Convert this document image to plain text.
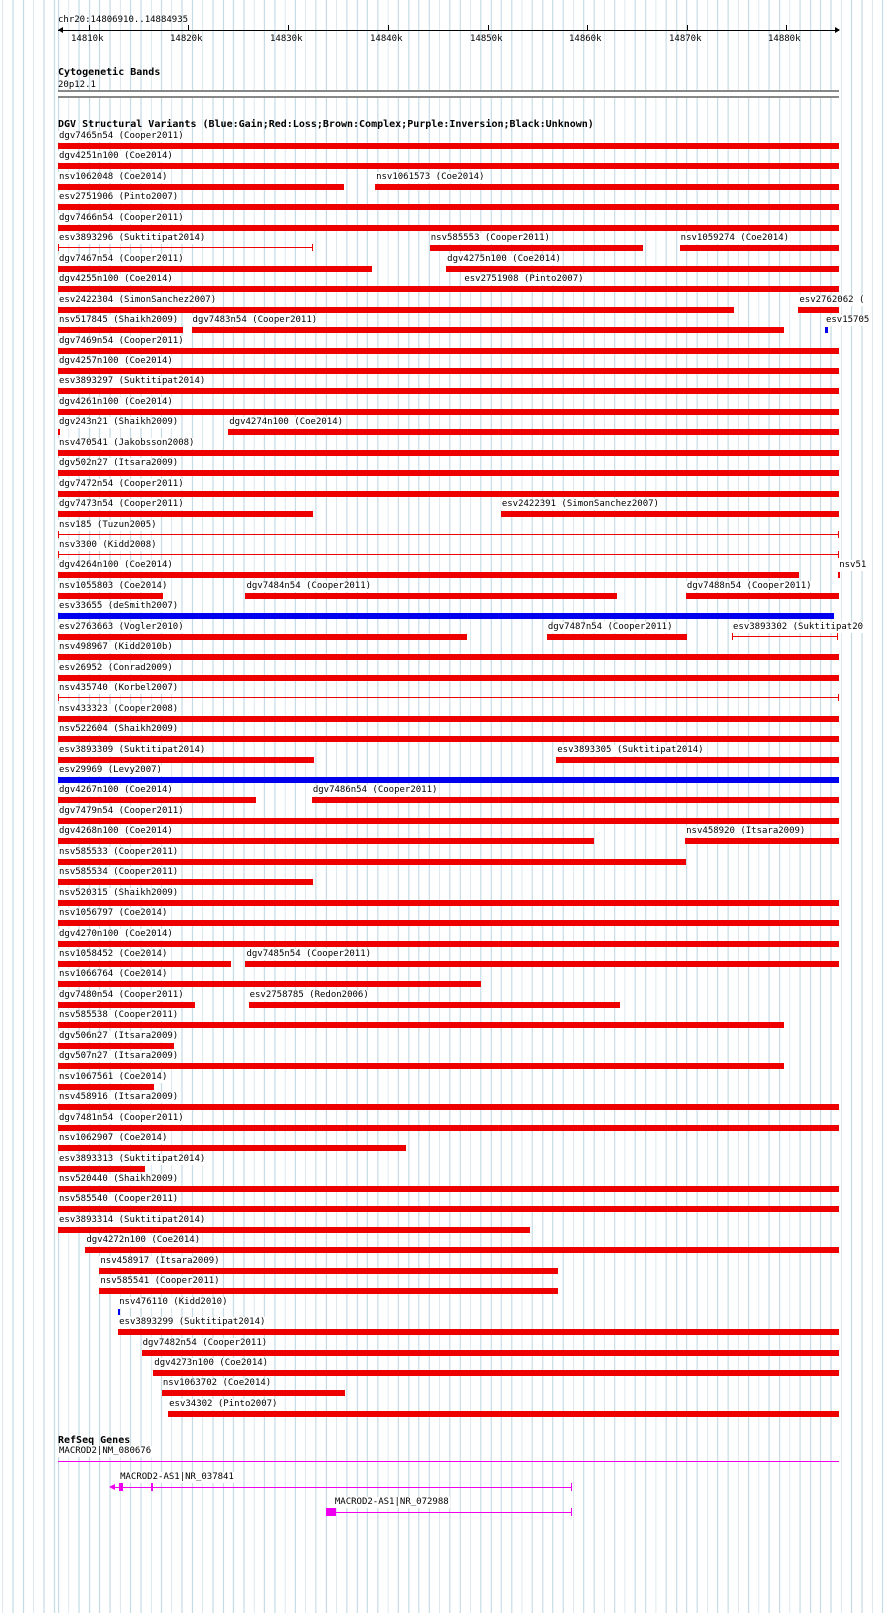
chr20:14806910..14884935
14810k	14820k	14830k	14840k	14850k	14860k	14870k	14880k
Cytogenetic Bands
20p12.1
DGV Structural Variants (Blue:Gain;Red:Loss;Brown:Complex;Purple:Inversion;Black:Unknown)
dgv7465n54 (Cooper2011)
dgv4251n100 (Coe2014)
nsv1062048 (Coe2014)	nsv1061573 (Coe2014)
esv2751906 (Pinto2007)
dgv7466n54 (Cooper2011)
esv3893296 (Suktitipat2014)	nsv585553 (Cooper2011)	nsv1059274 (Coe2014)
dgv7467n54 (Cooper2011)	dgv4275n100 (Coe2014)
dgv4255n100 (Coe2014)	esv2751908 (Pinto2007)
esv2422304 (SimonSanchez2007)	esv2762062 (
nsv517845 (Shaikh2009) dgv7483n54 (Cooper2011)	esv15705
dgv7469n54 (Cooper2011)
dgv4257n100 (Coe2014)
esv3893297 (Suktitipat2014)
dgv4261n100 (Coe2014)
dgv243n21 (Shaikh2009)	dgv4274n100 (Coe2014)
nsv470541 (Jakobsson2008)
dgv502n27 (Itsara2009)
dgv7472n54 (Cooper2011)
dgv7473n54 (Cooper2011)	esv2422391 (SimonSanchez2007)
nsv185 (Tuzun2005)
nsv3300 (Kidd2008)
dgv4264n100 (Coe2014)	nsv51
nsv1055803 (Coe2014)	dgv7484n54 (Cooper2011)	dgv7488n54 (Cooper2011)
esv33655 (deSmith2007)
esv2763663 (Vogler2010)	dgv7487n54 (Cooper2011)	esv3893302 (Suktitipat20
nsv498967 (Kidd2010b)
esv26952 (Conrad2009)
nsv435740 (Korbel2007)
nsv433323 (Cooper2008)
nsv522604 (Shaikh2009)
esv3893309 (Suktitipat2014)	esv3893305 (Suktitipat2014)
esv29969 (Levy2007)
dgv4267n100 (Coe2014)	dgv7486n54 (Cooper2011)
dgv7479n54 (Cooper2011)
dgv4268n100 (Coe2014)	nsv458920 (Itsara2009)
nsv585533 (Cooper2011)
nsv585534 (Cooper2011)
nsv520315 (Shaikh2009)
nsv1056797 (Coe2014)
dgv4270n100 (Coe2014)
nsv1058452 (Coe2014)	dgv7485n54 (Cooper2011)
nsv1066764 (Coe2014)
dgv7480n54 (Cooper2011)	esv2758785 (Redon2006)
nsv585538 (Cooper2011)
dgv506n27 (Itsara2009)
dgv507n27 (Itsara2009)
nsv1067561 (Coe2014)
nsv458916 (Itsara2009)
dgv7481n54 (Cooper2011)
nsv1062907 (Coe2014)
esv3893313 (Suktitipat2014)
nsv520440 (Shaikh2009)
nsv585540 (Cooper2011)
esv3893314 (Suktitipat2014)
dgv4272n100 (Coe2014)
nsv458917 (Itsara2009)
nsv585541 (Cooper2011)
nsv476110 (Kidd2010)
esv3893299 (Suktitipat2014)
dgv7482n54 (Cooper2011)
dgv4273n100 (Coe2014)
nsv1063702 (Coe2014)
esv34302 (Pinto2007)
RefSeq Genes
MACROD2|NM_080676
MACROD2-AS1|NR_037841
MACROD2-AS1|NR_072988
